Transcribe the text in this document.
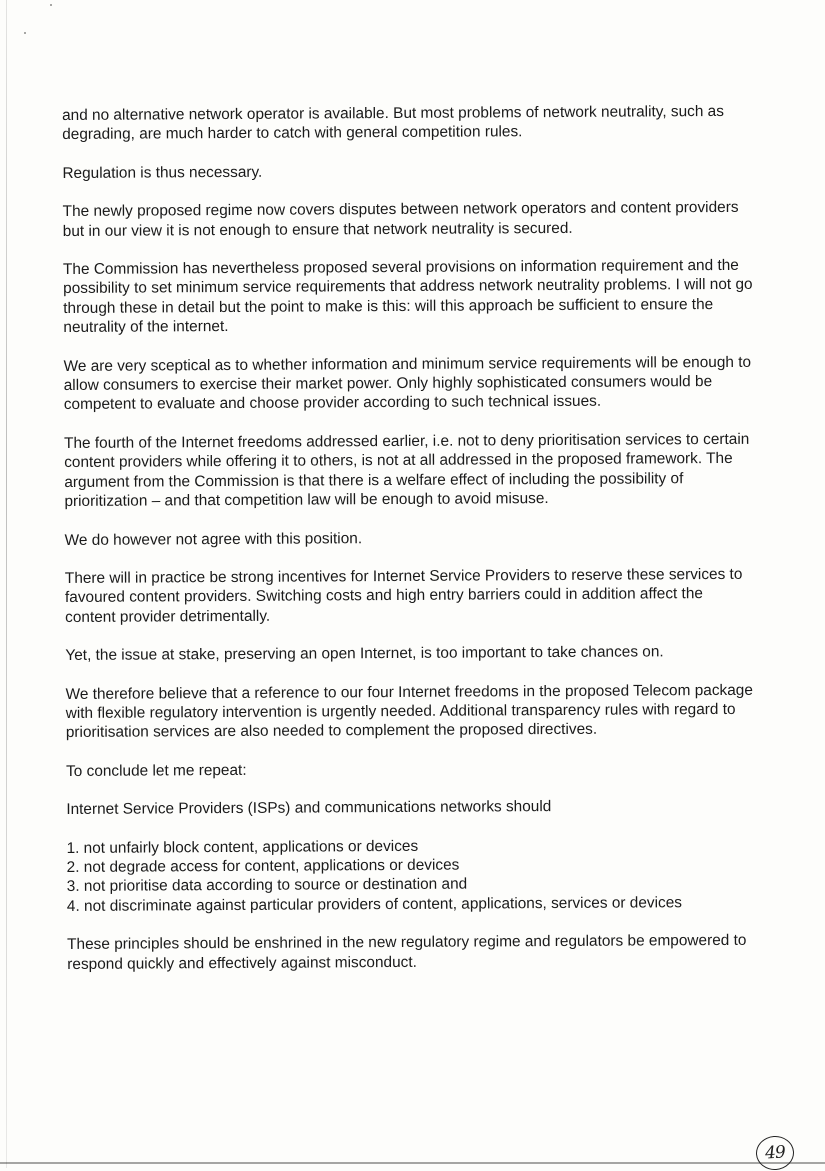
and no alternative network operator is available. But most problems of network neutrality, such as degrading, are much harder to catch with general competition rules.

Regulation is thus necessary.

The newly proposed regime now covers disputes between network operators and content providers but in our view it is not enough to ensure that network neutrality is secured.

The Commission has nevertheless proposed several provisions on information requirement and the possibility to set minimum service requirements that address network neutrality problems. I will not go through these in detail but the point to make is this: will this approach be sufficient to ensure the neutrality of the internet.

We are very sceptical as to whether information and minimum service requirements will be enough to allow consumers to exercise their market power. Only highly sophisticated consumers would be competent to evaluate and choose provider according to such technical issues.

The fourth of the Internet freedoms addressed earlier, i.e. not to deny prioritisation services to certain content providers while offering it to others, is not at all addressed in the proposed framework. The argument from the Commission is that there is a welfare effect of including the possibility of prioritization – and that competition law will be enough to avoid misuse.

We do however not agree with this position.

There will in practice be strong incentives for Internet Service Providers to reserve these services to favoured content providers. Switching costs and high entry barriers could in addition affect the content provider detrimentally.

Yet, the issue at stake, preserving an open Internet, is too important to take chances on.

We therefore believe that a reference to our four Internet freedoms in the proposed Telecom package with flexible regulatory intervention is urgently needed. Additional transparency rules with regard to prioritisation services are also needed to complement the proposed directives.

To conclude let me repeat:

Internet Service Providers (ISPs) and communications networks should

1. not unfairly block content, applications or devices
2. not degrade access for content, applications or devices
3. not prioritise data according to source or destination and
4. not discriminate against particular providers of content, applications, services or devices

These principles should be enshrined in the new regulatory regime and regulators be empowered to respond quickly and effectively against misconduct.

49
